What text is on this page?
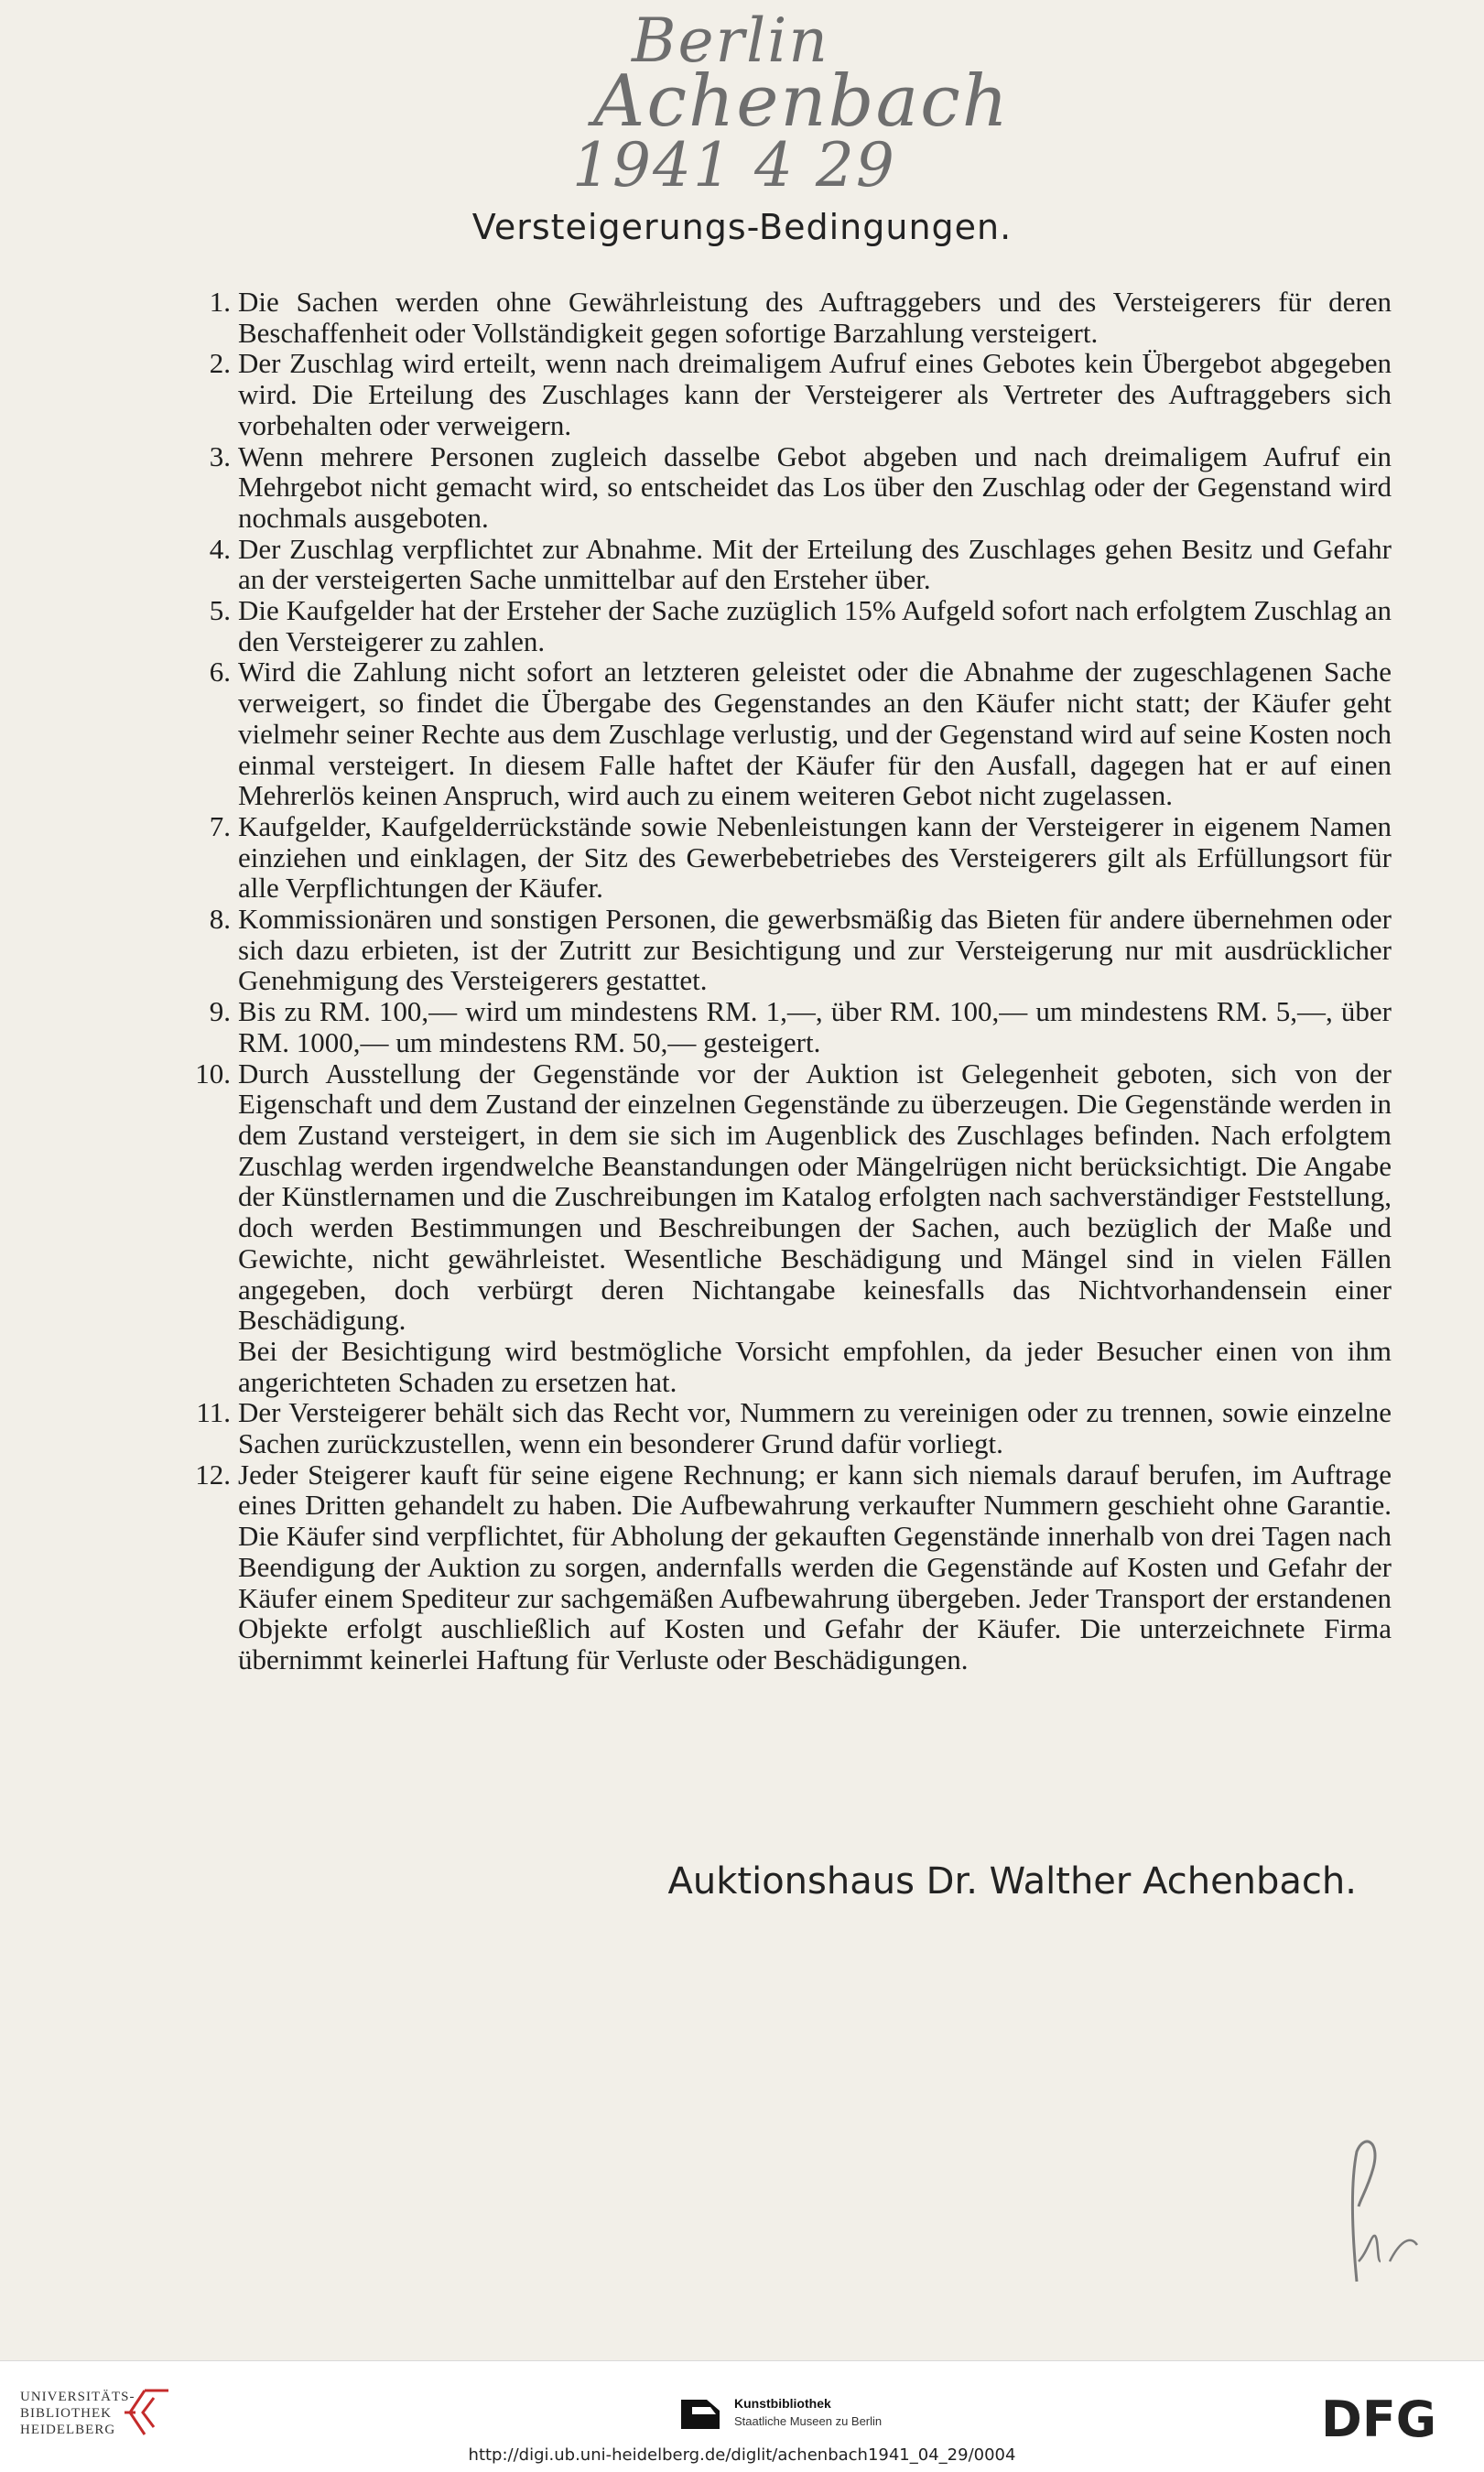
Berlin
Achenbach
1941 4 29
Versteigerungs-Bedingungen.
1. Die Sachen werden ohne Gewährleistung des Auftraggebers und des Versteigerers für deren Beschaffenheit oder Vollständigkeit gegen sofortige Barzahlung versteigert.

2. Der Zuschlag wird erteilt, wenn nach dreimaligem Aufruf eines Gebotes kein Übergebot abgegeben wird. Die Erteilung des Zuschlages kann der Versteigerer als Vertreter des Auftraggebers sich vorbehalten oder verweigern.

3. Wenn mehrere Personen zugleich dasselbe Gebot abgeben und nach dreimaligem Aufruf ein Mehrgebot nicht gemacht wird, so entscheidet das Los über den Zuschlag oder der Gegenstand wird nochmals ausgeboten.

4. Der Zuschlag verpflichtet zur Abnahme. Mit der Erteilung des Zuschlages gehen Besitz und Gefahr an der versteigerten Sache unmittelbar auf den Ersteher über.

5. Die Kaufgelder hat der Ersteher der Sache zuzüglich 15% Aufgeld sofort nach erfolgtem Zuschlag an den Versteigerer zu zahlen.

6. Wird die Zahlung nicht sofort an letzteren geleistet oder die Abnahme der zugeschlagenen Sache verweigert, so findet die Übergabe des Gegenstandes an den Käufer nicht statt; der Käufer geht vielmehr seiner Rechte aus dem Zuschlage verlustig, und der Gegenstand wird auf seine Kosten noch einmal versteigert. In diesem Falle haftet der Käufer für den Ausfall, dagegen hat er auf einen Mehrerlös keinen Anspruch, wird auch zu einem weiteren Gebot nicht zugelassen.

7. Kaufgelder, Kaufgelderrückstände sowie Nebenleistungen kann der Versteigerer in eigenem Namen einziehen und einklagen, der Sitz des Gewerbebetriebes des Versteigerers gilt als Erfüllungsort für alle Verpflichtungen der Käufer.

8. Kommissionären und sonstigen Personen, die gewerbsmäßig das Bieten für andere übernehmen oder sich dazu erbieten, ist der Zutritt zur Besichtigung und zur Versteigerung nur mit ausdrücklicher Genehmigung des Versteigerers gestattet.

9. Bis zu RM. 100,— wird um mindestens RM. 1,—, über RM. 100,— um mindestens RM. 5,—, über RM. 1000,— um mindestens RM. 50,— gesteigert.

10. Durch Ausstellung der Gegenstände vor der Auktion ist Gelegenheit geboten, sich von der Eigenschaft und dem Zustand der einzelnen Gegenstände zu überzeugen. Die Gegenstände werden in dem Zustand versteigert, in dem sie sich im Augenblick des Zuschlages befinden. Nach erfolgtem Zuschlag werden irgendwelche Beanstandungen oder Mängelrügen nicht berücksichtigt. Die Angabe der Künstlernamen und die Zuschreibungen im Katalog erfolgten nach sachverständiger Feststellung, doch werden Bestimmungen und Beschreibungen der Sachen, auch bezüglich der Maße und Gewichte, nicht gewährleistet. Wesentliche Beschädigung und Mängel sind in vielen Fällen angegeben, doch verbürgt deren Nichtangabe keinesfalls das Nichtvorhandensein einer Beschädigung.

Bei der Besichtigung wird bestmögliche Vorsicht empfohlen, da jeder Besucher einen von ihm angerichteten Schaden zu ersetzen hat.

11. Der Versteigerer behält sich das Recht vor, Nummern zu vereinigen oder zu trennen, sowie einzelne Sachen zurückzustellen, wenn ein besonderer Grund dafür vorliegt.

12. Jeder Steigerer kauft für seine eigene Rechnung; er kann sich niemals darauf berufen, im Auftrage eines Dritten gehandelt zu haben. Die Aufbewahrung verkaufter Nummern geschieht ohne Garantie. Die Käufer sind verpflichtet, für Abholung der gekauften Gegenstände innerhalb von drei Tagen nach Beendigung der Auktion zu sorgen, andernfalls werden die Gegenstände auf Kosten und Gefahr der Käufer einem Spediteur zur sachgemäßen Aufbewahrung übergeben. Jeder Transport der erstandenen Objekte erfolgt auschließlich auf Kosten und Gefahr der Käufer. Die unterzeichnete Firma übernimmt keinerlei Haftung für Verluste oder Beschädigungen.

Auktionshaus Dr. Walther Achenbach.
UNIVERSITÄTS-
BIBLIOTHEK
HEIDELBERG
Kunstbibliothek
Staatliche Museen zu Berlin	DFG
http://digi.ub.uni-heidelberg.de/diglit/achenbach1941_04_29/0004
